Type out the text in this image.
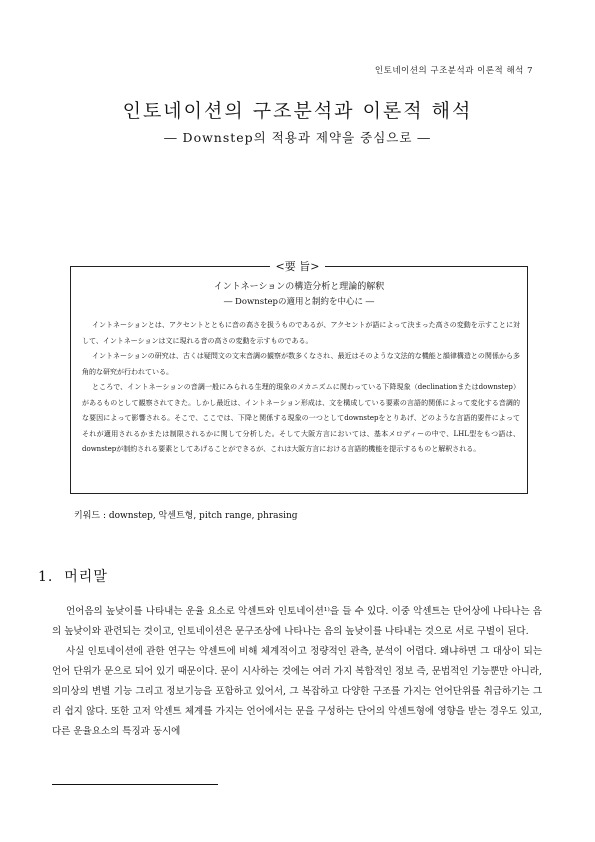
인토네이션의 구조분석과 이론적 해석 7
인토네이션의 구조분석과 이론적 해석
― Downstep의 적용과 제약을 중심으로 ―
<要 旨>
イントネーションの構造分析と理論的解釈
― Downstepの適用と制約を中心に ―

イントネーションとは、アクセントとともに音の高さを扱うものであるが、アクセントが語によって決まった高さの変動を示すことに対して、イントネーションは文に現れる音の高さの変動を示すものである。

イントネーションの研究は、古くは疑問文の文末音調の観察が数多くなされ、最近はそのような文法的な機能と韻律構造との関係から多角的な研究が行われている。

ところで、イントネーションの音調一般にみられる生理的現象のメカニズムに関わっている下降現象（declinationまたはdownstep）があるものとして観察されてきた。しかし最近は、イントネーション形成は、文を構成している要素の言語的関係によって変化する音調的な要因によって影響される。そこで、ここでは、下降と関係する現象の一つとしてdownstepをとりあげ、どのような言語的要件によってそれが適用されるかまたは制限されるかに関して分析した。そして大阪方言においては、基本メロディーの中で、LHL型をもつ語は、downstepが制約される要素としてあげることができるが、これは大阪方言における言語的機能を提示するものと解釈される。

키워드 : downstep, 악센트형, pitch range, phrasing
1. 머리말

언어음의 높낮이를 나타내는 운율 요소로 악센트와 인토네이션¹⁾을 들 수 있다. 이중 악센트는 단어상에 나타나는 음의 높낮이와 관련되는 것이고, 인토네이션은 문구조상에 나타나는 음의 높낮이를 나타내는 것으로 서로 구별이 된다.

사실 인토네이션에 관한 연구는 악센트에 비해 체계적이고 정량적인 관측, 분석이 어렵다. 왜냐하면 그 대상이 되는 언어 단위가 문으로 되어 있기 때문이다. 문이 시사하는 것에는 여러 가지 복합적인 정보 즉, 문법적인 기능뿐만 아니라, 의미상의 변별 기능 그리고 정보기능을 포함하고 있어서, 그 복잡하고 다양한 구조를 가지는 언어단위를 취급하기는 그리 쉽지 않다. 또한 고저 악센트 체계를 가지는 언어에서는 문을 구성하는 단어의 악센트형에 영향을 받는 경우도 있고, 다른 운율요소의 특징과 동시에
